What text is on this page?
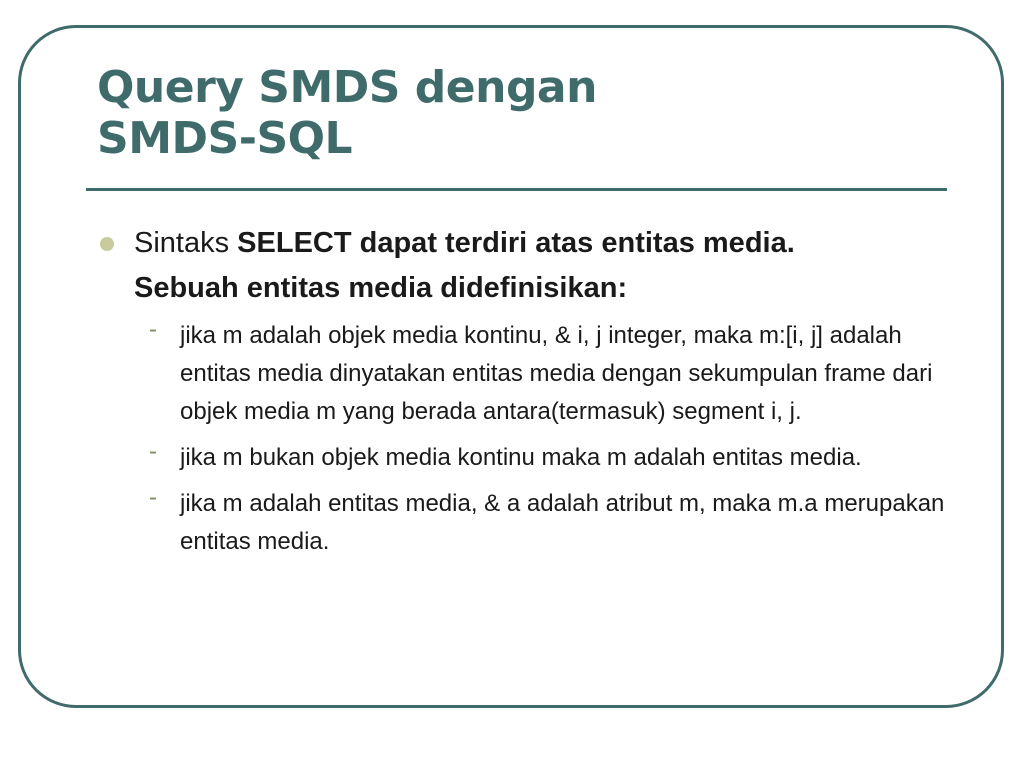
Query SMDS dengan
SMDS-SQL
Sintaks SELECT dapat terdiri atas entitas media.
Sebuah entitas media didefinisikan:
- jika m adalah objek media kontinu, & i, j integer, maka m:[i, j] adalah entitas media dinyatakan entitas media dengan sekumpulan frame dari objek media m yang berada antara(termasuk) segment i, j.
- jika m bukan objek media kontinu maka m adalah entitas media.
- jika m adalah entitas media, & a adalah atribut m, maka m.a merupakan entitas media.
